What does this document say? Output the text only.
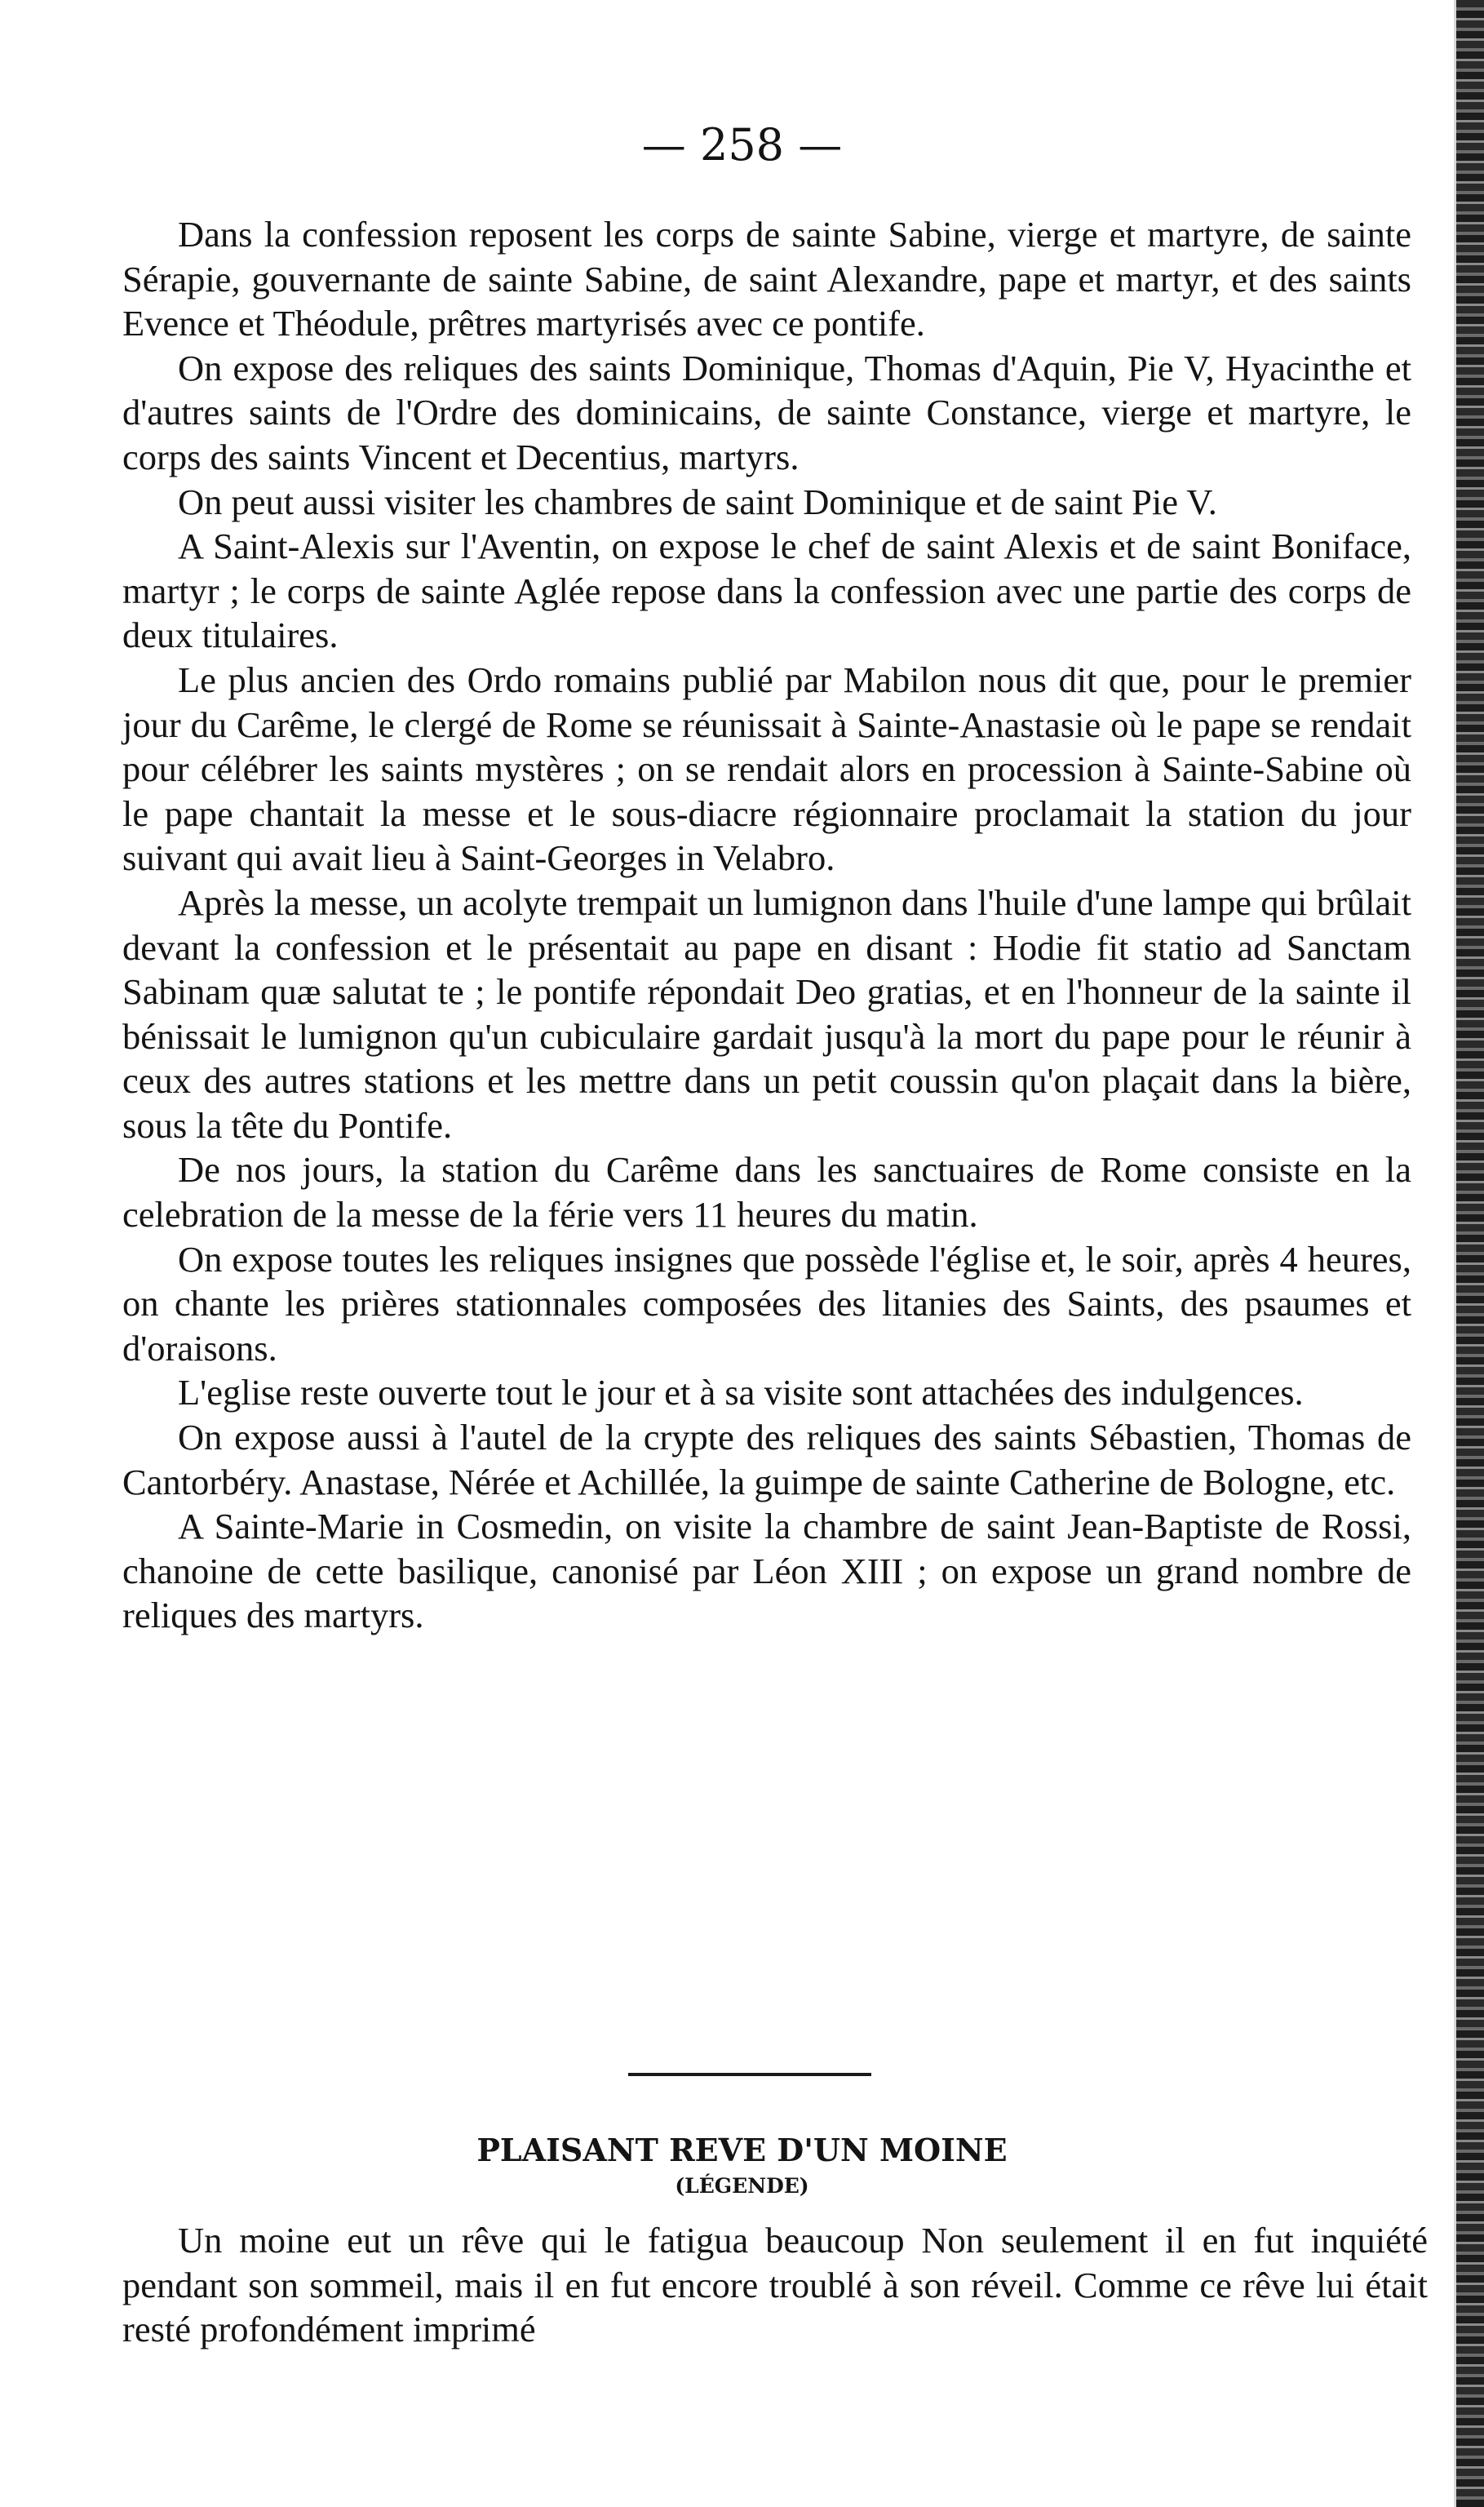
— 258 —

Dans la confession reposent les corps de sainte Sabine, vierge et martyre, de sainte Sérapie, gouvernante de sainte Sabine, de saint Alexandre, pape et martyr, et des saints Evence et Théodule, prêtres martyrisés avec ce pontife.

On expose des reliques des saints Dominique, Thomas d'Aquin, Pie V, Hyacinthe et d'autres saints de l'Ordre des dominicains, de sainte Constance, vierge et martyre, le corps des saints Vincent et Decentius, martyrs.

On peut aussi visiter les chambres de saint Dominique et de saint Pie V.

A Saint-Alexis sur l'Aventin, on expose le chef de saint Alexis et de saint Boniface, martyr ; le corps de sainte Aglée repose dans la confession avec une partie des corps de deux titulaires.

Le plus ancien des Ordo romains publié par Mabilon nous dit que, pour le premier jour du Carême, le clergé de Rome se réunissait à Sainte-Anastasie où le pape se rendait pour célébrer les saints mystères ; on se rendait alors en procession à Sainte-Sabine où le pape chantait la messe et le sous-diacre régionnaire proclamait la station du jour suivant qui avait lieu à Saint-Georges in Velabro.

Après la messe, un acolyte trempait un lumignon dans l'huile d'une lampe qui brûlait devant la confession et le présentait au pape en disant : Hodie fit statio ad Sanctam Sabinam quæ salutat te ; le pontife répondait Deo gratias, et en l'honneur de la sainte il bénissait le lumignon qu'un cubiculaire gardait jusqu'à la mort du pape pour le réunir à ceux des autres stations et les mettre dans un petit coussin qu'on plaçait dans la bière, sous la tête du Pontife.

De nos jours, la station du Carême dans les sanctuaires de Rome consiste en la celebration de la messe de la férie vers 11 heures du matin.

On expose toutes les reliques insignes que possède l'église et, le soir, après 4 heures, on chante les prières stationnales composées des litanies des Saints, des psaumes et d'oraisons.

L'eglise reste ouverte tout le jour et à sa visite sont attachées des indulgences.

On expose aussi à l'autel de la crypte des reliques des saints Sébastien, Thomas de Cantorbéry. Anastase, Nérée et Achillée, la guimpe de sainte Catherine de Bologne, etc.

A Sainte-Marie in Cosmedin, on visite la chambre de saint Jean-Baptiste de Rossi, chanoine de cette basilique, canonisé par Léon XIII ; on expose un grand nombre de reliques des martyrs.

PLAISANT REVE D'UN MOINE
(LÉGENDE)

Un moine eut un rêve qui le fatigua beaucoup Non seulement il en fut inquiété pendant son sommeil, mais il en fut encore troublé à son réveil. Comme ce rêve lui était resté profondément imprimé
